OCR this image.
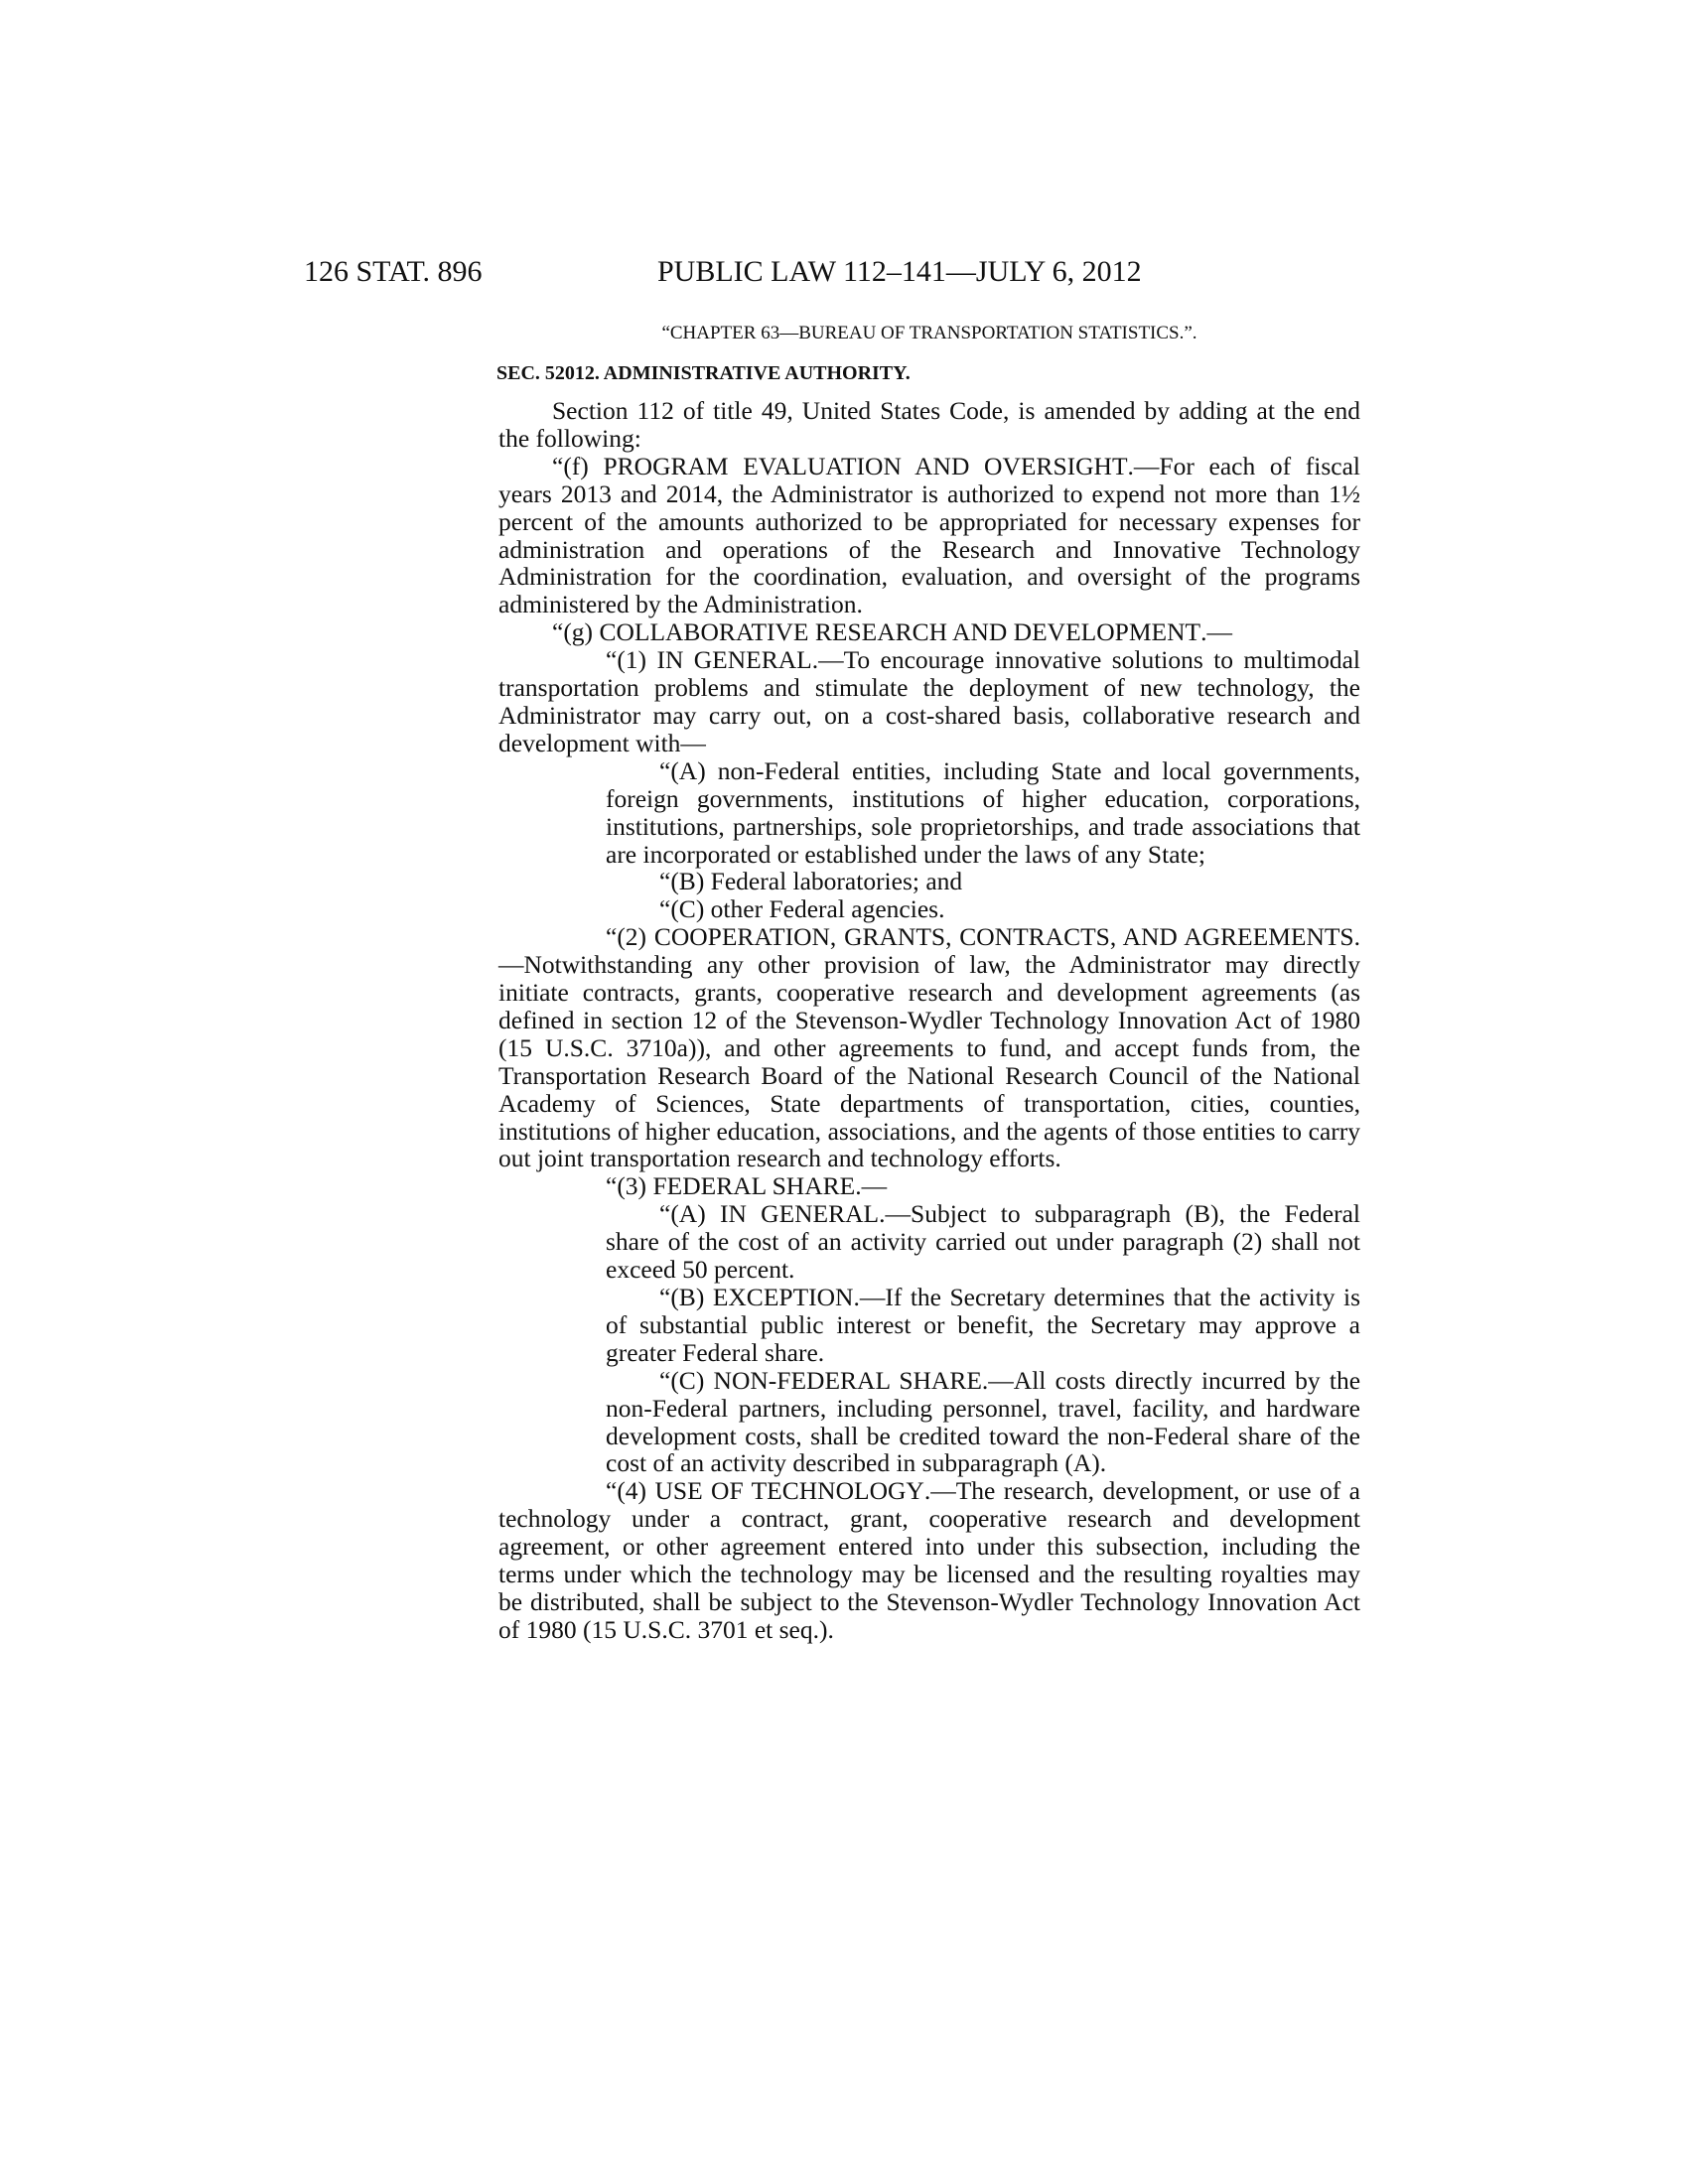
126 STAT. 896	PUBLIC LAW 112–141—JULY 6, 2012
“CHAPTER 63—BUREAU OF TRANSPORTATION STATISTICS.”.
SEC. 52012. ADMINISTRATIVE AUTHORITY.

Section 112 of title 49, United States Code, is amended by adding at the end the following:

“(f) PROGRAM EVALUATION AND OVERSIGHT.—For each of fiscal years 2013 and 2014, the Administrator is authorized to expend not more than 1½ percent of the amounts authorized to be appropriated for necessary expenses for administration and operations of the Research and Innovative Technology Administration for the coordination, evaluation, and oversight of the programs administered by the Administration.

“(g) COLLABORATIVE RESEARCH AND DEVELOPMENT.—

“(1) IN GENERAL.—To encourage innovative solutions to multimodal transportation problems and stimulate the deployment of new technology, the Administrator may carry out, on a cost-shared basis, collaborative research and development with—

“(A) non-Federal entities, including State and local governments, foreign governments, institutions of higher education, corporations, institutions, partnerships, sole proprietorships, and trade associations that are incorporated or established under the laws of any State;

“(B) Federal laboratories; and

“(C) other Federal agencies.

“(2) COOPERATION, GRANTS, CONTRACTS, AND AGREEMENTS.—Notwithstanding any other provision of law, the Administrator may directly initiate contracts, grants, cooperative research and development agreements (as defined in section 12 of the Stevenson-Wydler Technology Innovation Act of 1980 (15 U.S.C. 3710a)), and other agreements to fund, and accept funds from, the Transportation Research Board of the National Research Council of the National Academy of Sciences, State departments of transportation, cities, counties, institutions of higher education, associations, and the agents of those entities to carry out joint transportation research and technology efforts.

“(3) FEDERAL SHARE.—

“(A) IN GENERAL.—Subject to subparagraph (B), the Federal share of the cost of an activity carried out under paragraph (2) shall not exceed 50 percent.

“(B) EXCEPTION.—If the Secretary determines that the activity is of substantial public interest or benefit, the Secretary may approve a greater Federal share.

“(C) NON-FEDERAL SHARE.—All costs directly incurred by the non-Federal partners, including personnel, travel, facility, and hardware development costs, shall be credited toward the non-Federal share of the cost of an activity described in subparagraph (A).

“(4) USE OF TECHNOLOGY.—The research, development, or use of a technology under a contract, grant, cooperative research and development agreement, or other agreement entered into under this subsection, including the terms under which the technology may be licensed and the resulting royalties may be distributed, shall be subject to the Stevenson-Wydler Technology Innovation Act of 1980 (15 U.S.C. 3701 et seq.).
